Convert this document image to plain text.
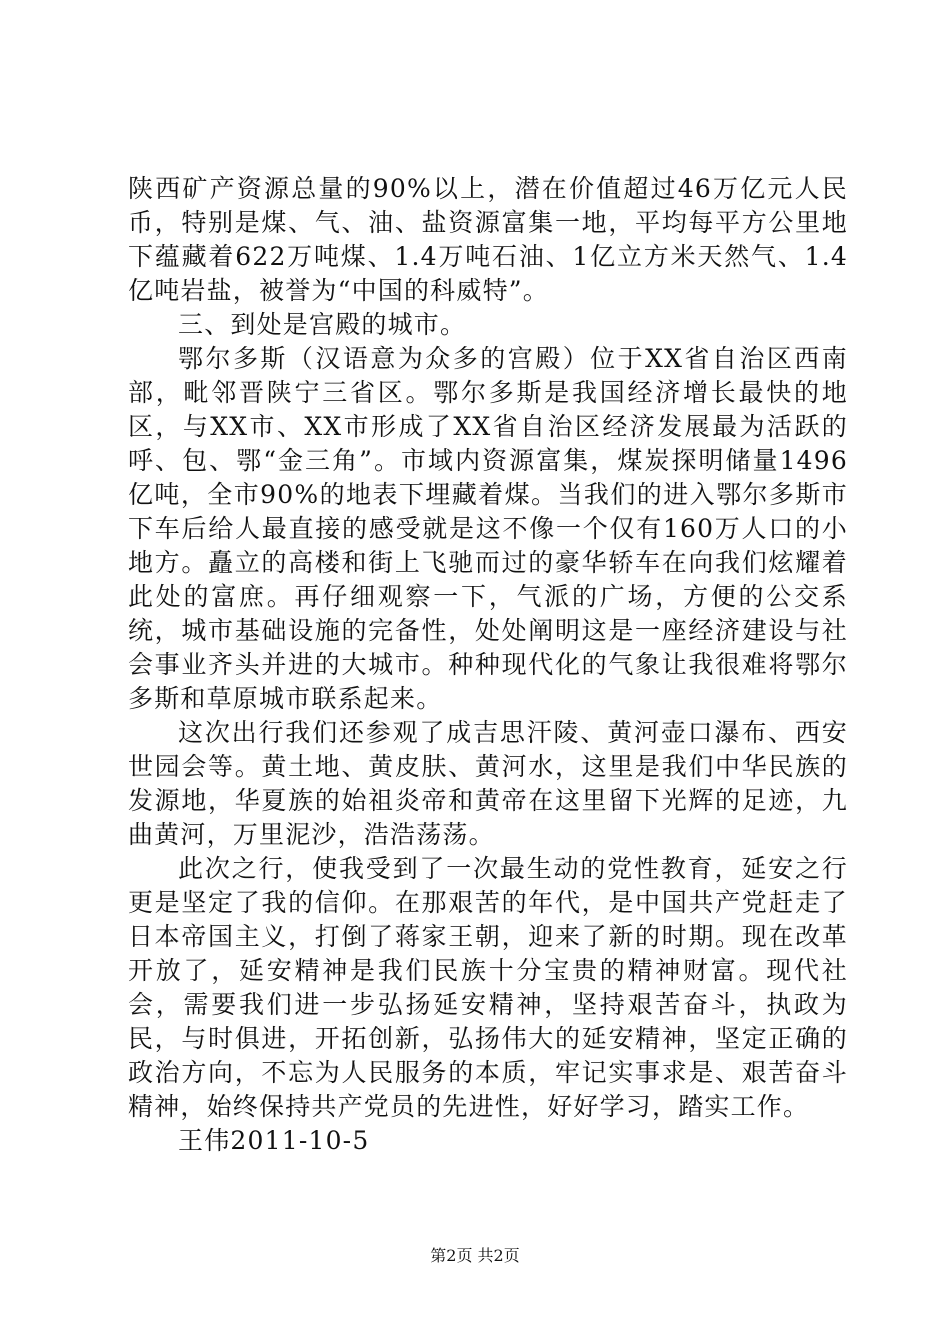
陕西矿产资源总量的90%以上，潜在价值超过46万亿元人民币，特别是煤、气、油、盐资源富集一地，平均每平方公里地下蕴藏着622万吨煤、1.4万吨石油、1亿立方米天然气、1.4亿吨岩盐，被誉为“中国的科威特”。

三、到处是宫殿的城市。

鄂尔多斯（汉语意为众多的宫殿）位于XX省自治区西南部，毗邻晋陕宁三省区。鄂尔多斯是我国经济增长最快的地区，与XX市、XX市形成了XX省自治区经济发展最为活跃的呼、包、鄂“金三角”。市域内资源富集，煤炭探明储量1496亿吨，全市90%的地表下埋藏着煤。当我们的进入鄂尔多斯市下车后给人最直接的感受就是这不像一个仅有160万人口的小地方。矗立的高楼和街上飞驰而过的豪华轿车在向我们炫耀着此处的富庶。再仔细观察一下，气派的广场，方便的公交系统，城市基础设施的完备性，处处阐明这是一座经济建设与社会事业齐头并进的大城市。种种现代化的气象让我很难将鄂尔多斯和草原城市联系起来。

这次出行我们还参观了成吉思汗陵、黄河壶口瀑布、西安世园会等。黄土地、黄皮肤、黄河水，这里是我们中华民族的发源地，华夏族的始祖炎帝和黄帝在这里留下光辉的足迹，九曲黄河，万里泥沙，浩浩荡荡。

此次之行，使我受到了一次最生动的党性教育，延安之行更是坚定了我的信仰。在那艰苦的年代，是中国共产党赶走了日本帝国主义，打倒了蒋家王朝，迎来了新的时期。现在改革开放了，延安精神是我们民族十分宝贵的精神财富。现代社会，需要我们进一步弘扬延安精神，坚持艰苦奋斗，执政为民，与时俱进，开拓创新，弘扬伟大的延安精神，坚定正确的政治方向，不忘为人民服务的本质，牢记实事求是、艰苦奋斗精神，始终保持共产党员的先进性，好好学习，踏实工作。

王伟2011-10-5

第2页 共2页
